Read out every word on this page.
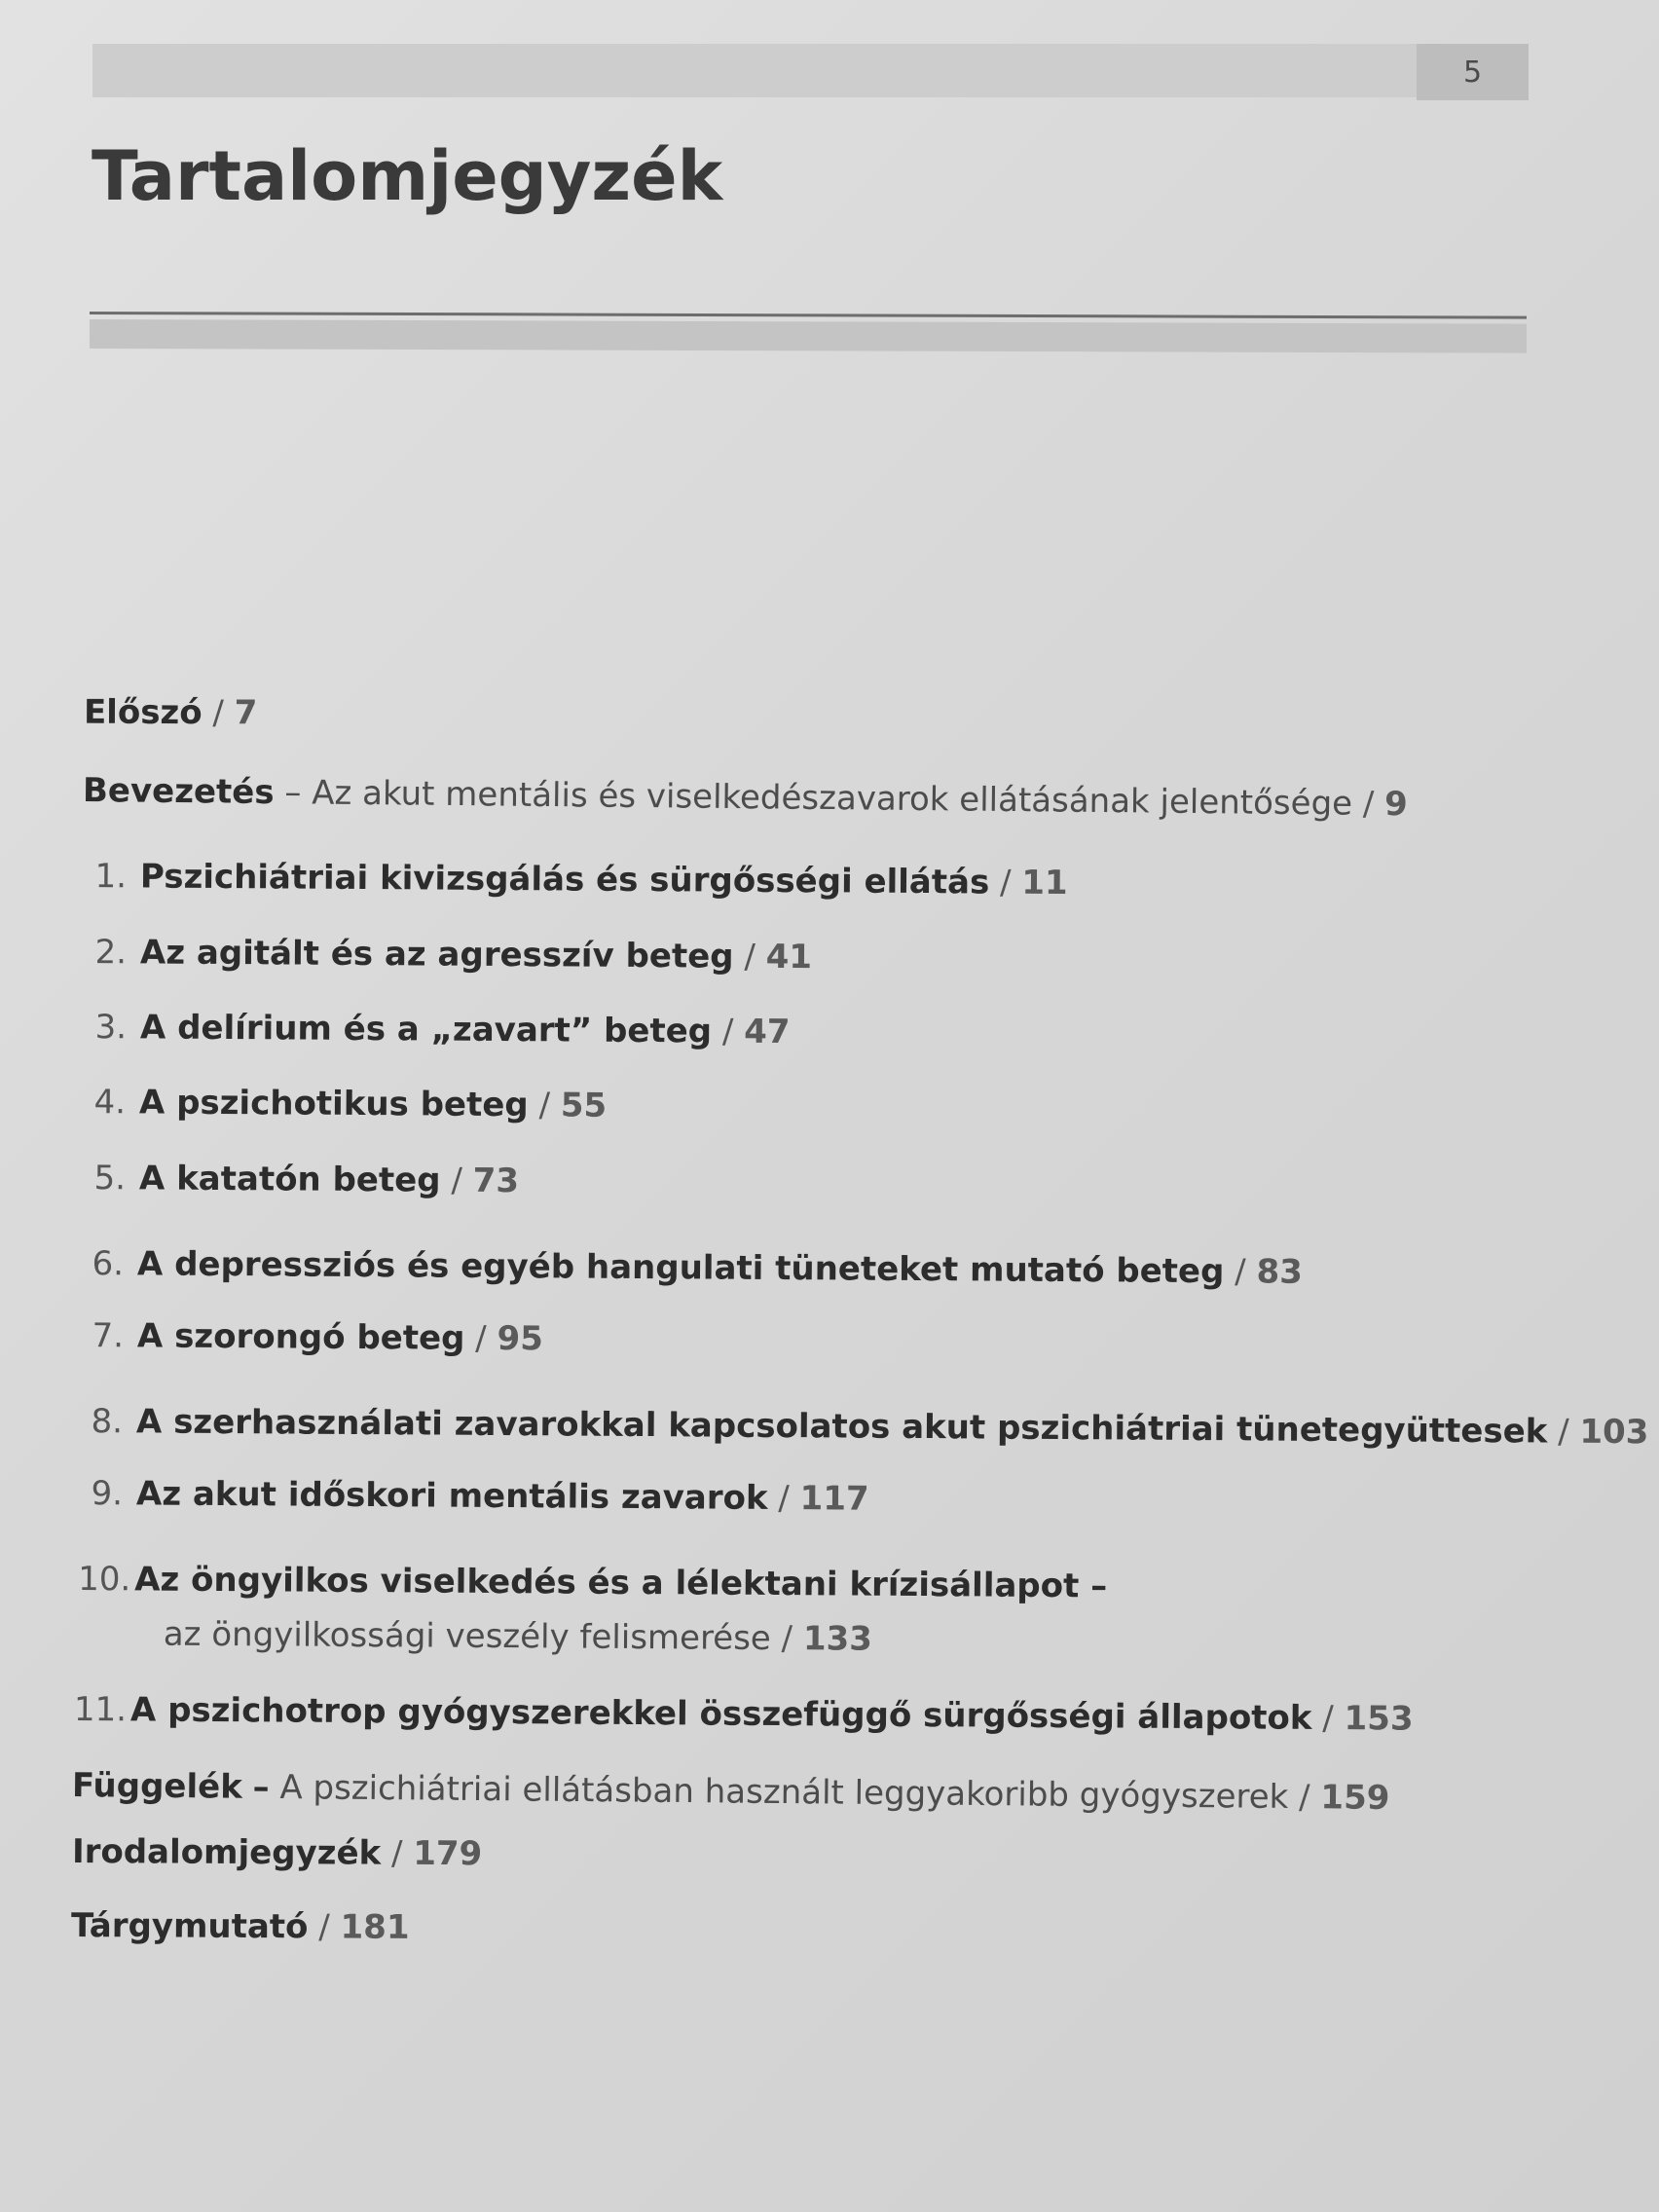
5
Tartalomjegyzék
Előszó / 7
Bevezetés – Az akut mentális és viselkedészavarok ellátásának jelentősége / 9
1. Pszichiátriai kivizsgálás és sürgősségi ellátás / 11
2. Az agitált és az agresszív beteg / 41
3. A delírium és a „zavart” beteg / 47
4. A pszichotikus beteg / 55
5. A katatón beteg / 73
6. A depressziós és egyéb hangulati tüneteket mutató beteg / 83
7. A szorongó beteg / 95
8. A szerhasználati zavarokkal kapcsolatos akut pszichiátriai tünetegyüttesek / 103
9. Az akut időskori mentális zavarok / 117
10. Az öngyilkos viselkedés és a lélektani krízisállapot –
az öngyilkossági veszély felismerése / 133
11. A pszichotrop gyógyszerekkel összefüggő sürgősségi állapotok / 153
Függelék – A pszichiátriai ellátásban használt leggyakoribb gyógyszerek / 159
Irodalomjegyzék / 179
Tárgymutató / 181
